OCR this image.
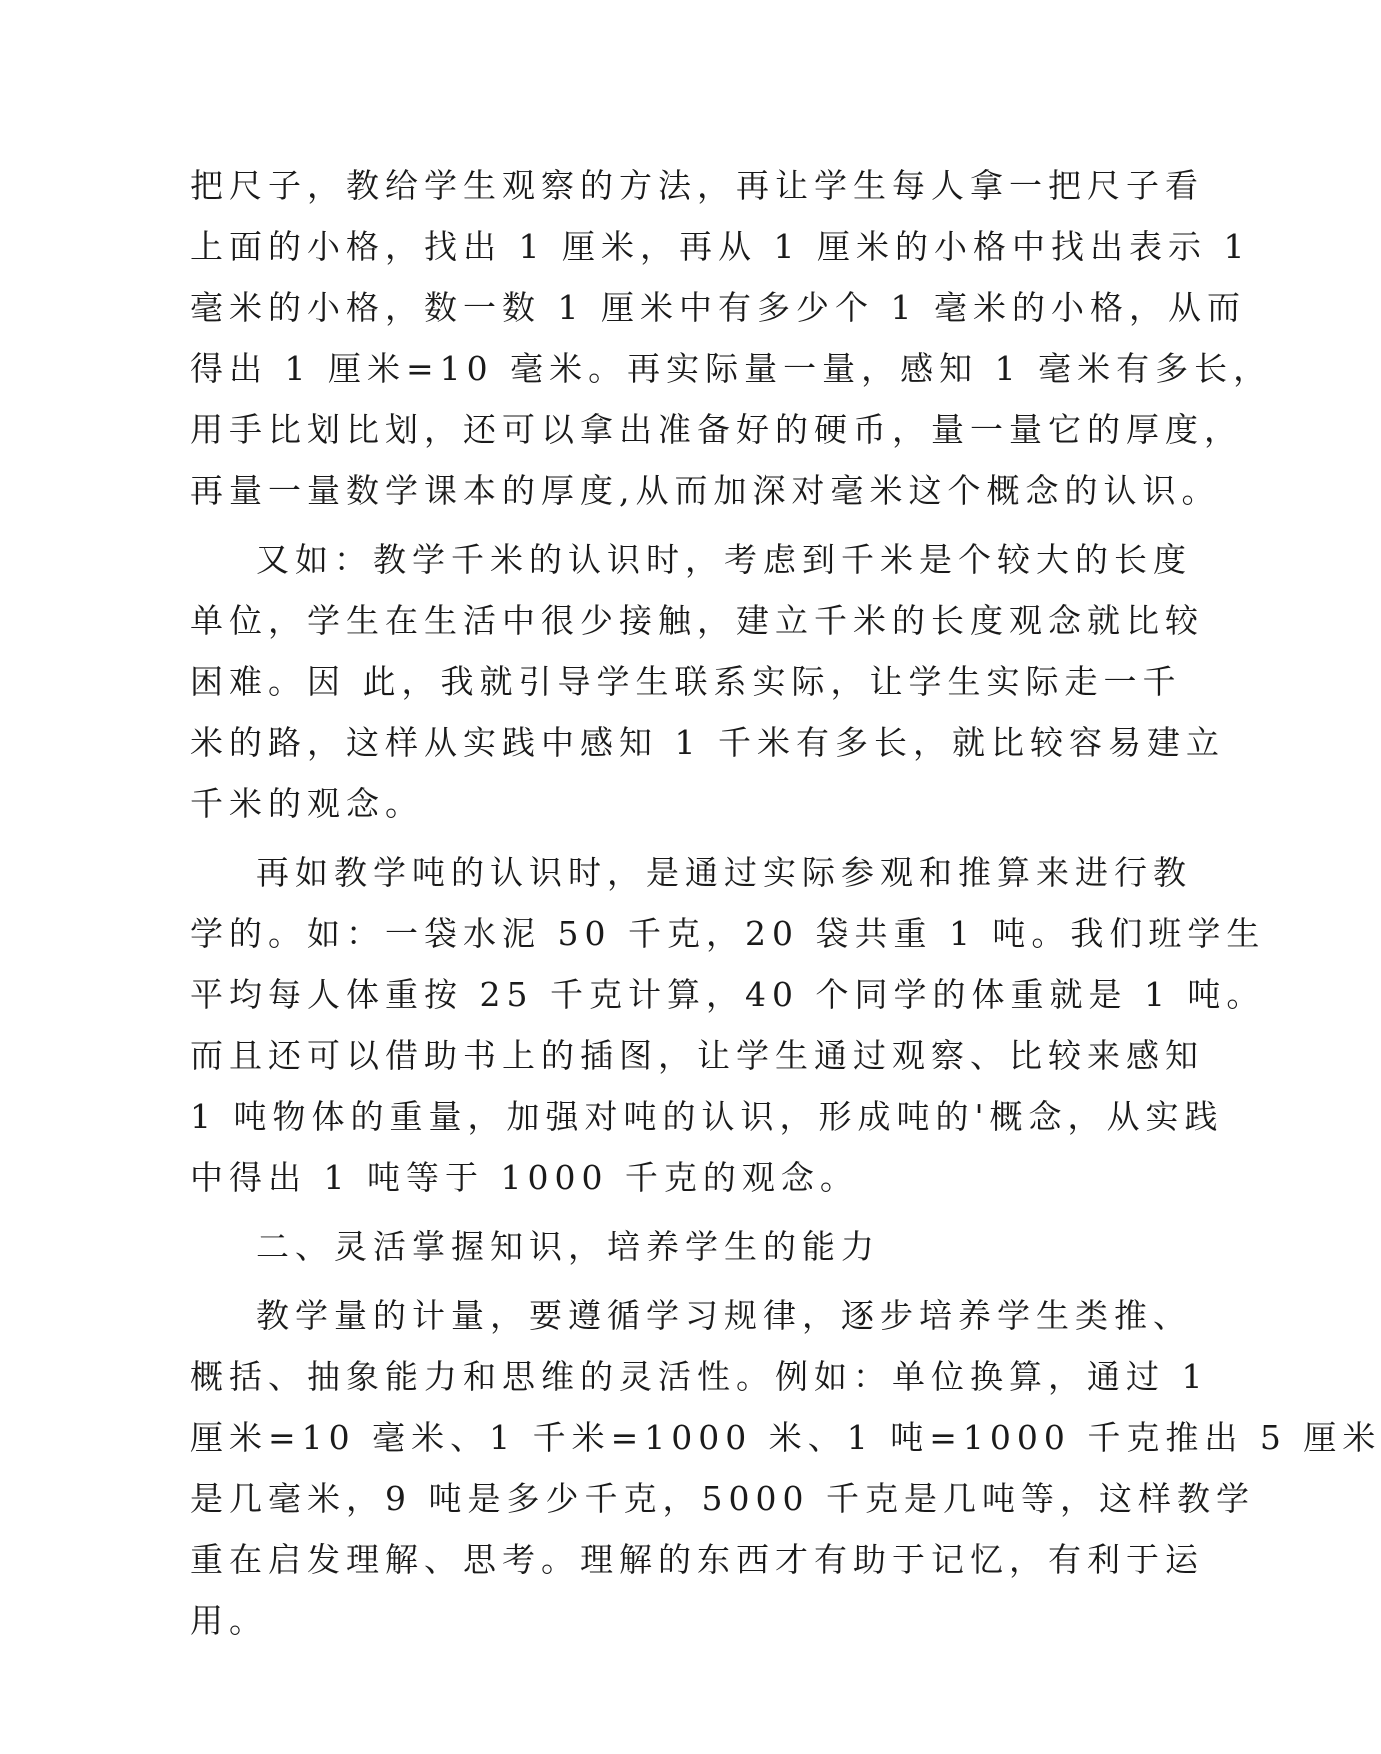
把尺子，教给学生观察的方法，再让学生每人拿一把尺子看
上面的小格，找出 1 厘米，再从 1 厘米的小格中找出表示 1
毫米的小格，数一数 1 厘米中有多少个 1 毫米的小格，从而
得出 1 厘米=10 毫米。再实际量一量，感知 1 毫米有多长，
用手比划比划，还可以拿出准备好的硬币，量一量它的厚度，
再量一量数学课本的厚度,从而加深对毫米这个概念的认识。
又如：教学千米的认识时，考虑到千米是个较大的长度
单位，学生在生活中很少接触，建立千米的长度观念就比较
困难。因 此，我就引导学生联系实际，让学生实际走一千
米的路，这样从实践中感知 1 千米有多长，就比较容易建立
千米的观念。
再如教学吨的认识时，是通过实际参观和推算来进行教
学的。如：一袋水泥 50 千克，20 袋共重 1 吨。我们班学生
平均每人体重按 25 千克计算，40 个同学的体重就是 1 吨。
而且还可以借助书上的插图，让学生通过观察、比较来感知
1 吨物体的重量，加强对吨的认识，形成吨的'概念，从实践
中得出 1 吨等于 1000 千克的观念。
二、灵活掌握知识，培养学生的能力
教学量的计量，要遵循学习规律，逐步培养学生类推、
概括、抽象能力和思维的灵活性。例如：单位换算，通过 1
厘米=10 毫米、1 千米=1000 米、1 吨=1000 千克推出 5 厘米
是几毫米，9 吨是多少千克，5000 千克是几吨等，这样教学
重在启发理解、思考。理解的东西才有助于记忆，有利于运
用。
